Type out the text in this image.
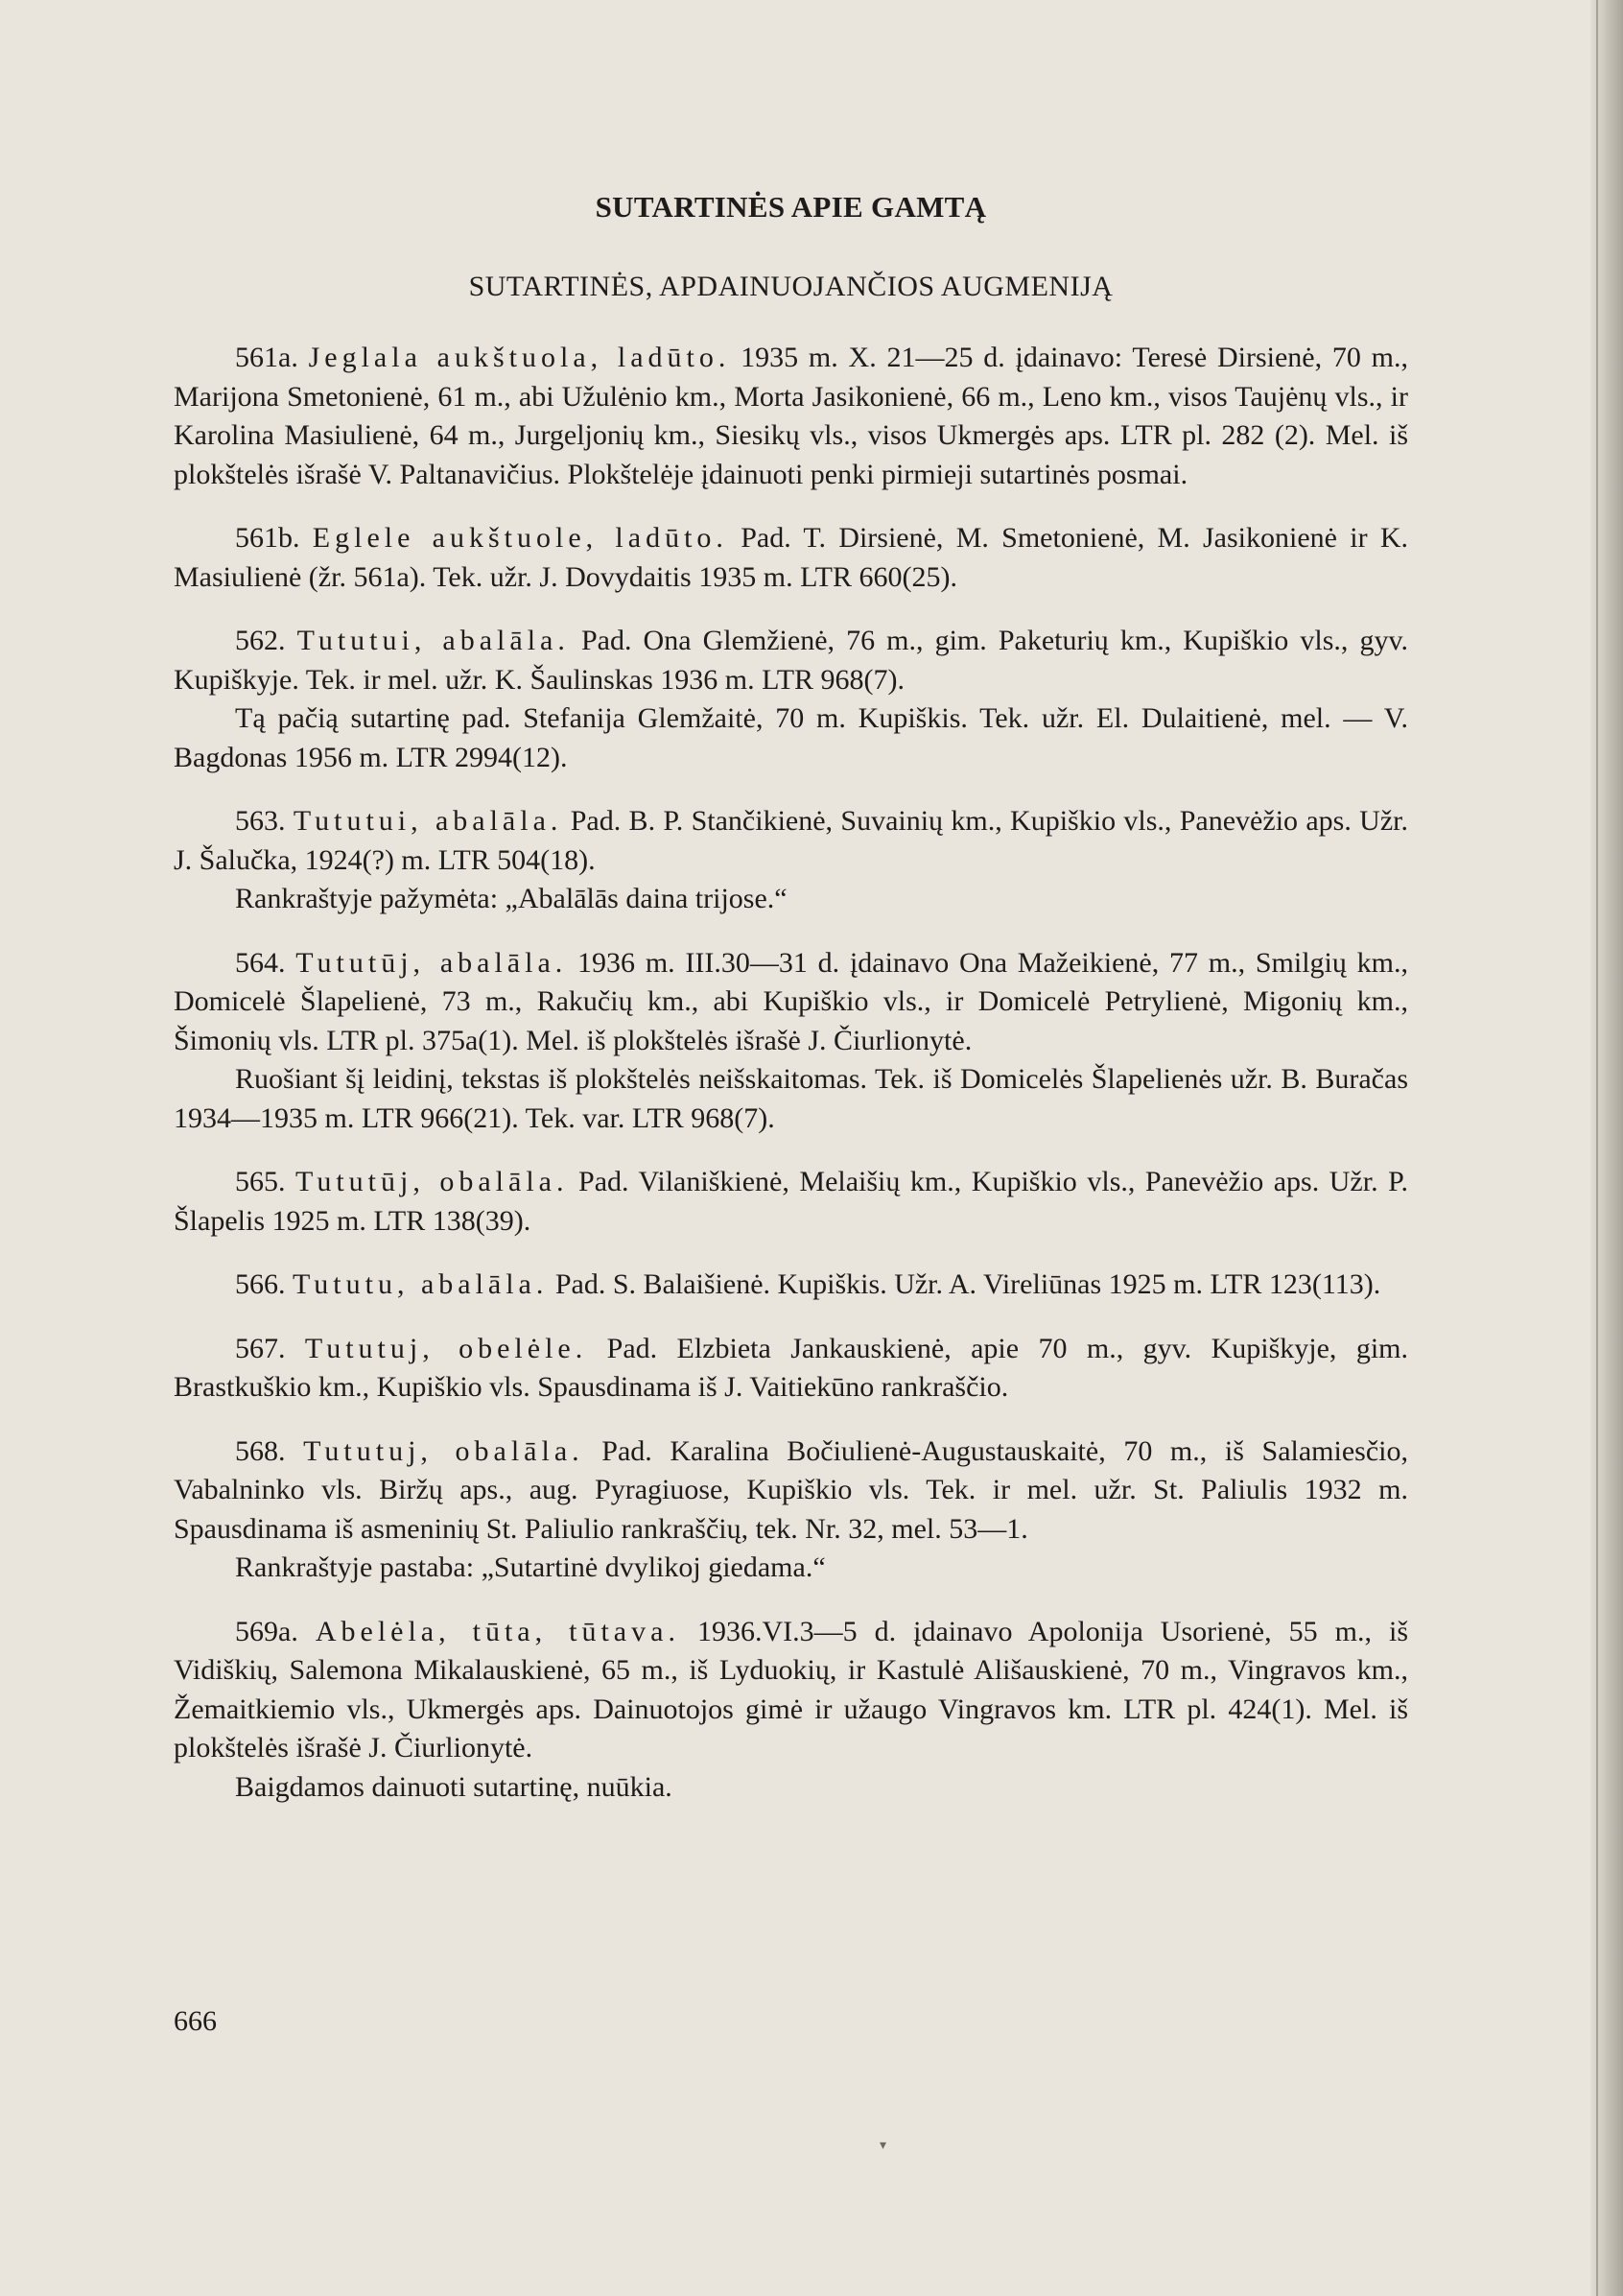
SUTARTINĖS APIE GAMTĄ
SUTARTINĖS, APDAINUOJANČIOS AUGMENIJĄ

561a. Jeglala aukštuola, ladūto. 1935 m. X. 21—25 d. įdainavo: Teresė Dirsienė, 70 m., Marijona Smetonienė, 61 m., abi Užulėnio km., Morta Jasikonienė, 66 m., Leno km., visos Taujėnų vls., ir Karolina Masiulienė, 64 m., Jurgeljonių km., Siesikų vls., visos Ukmergės aps. LTR pl. 282 (2). Mel. iš plokštelės išrašė V. Paltanavičius. Plokštelėje įdainuoti penki pirmieji sutartinės posmai.

561b. Eglele aukštuole, ladūto. Pad. T. Dirsienė, M. Smetonienė, M. Jasikonienė ir K. Masiulienė (žr. 561a). Tek. užr. J. Dovydaitis 1935 m. LTR 660(25).

562. Tututui, abalāla. Pad. Ona Glemžienė, 76 m., gim. Paketurių km., Kupiškio vls., gyv. Kupiškyje. Tek. ir mel. užr. K. Šaulinskas 1936 m. LTR 968(7).

Tą pačią sutartinę pad. Stefanija Glemžaitė, 70 m. Kupiškis. Tek. užr. El. Dulaitienė, mel. — V. Bagdonas 1956 m. LTR 2994(12).

563. Tututui, abalāla. Pad. B. P. Stančikienė, Suvainių km., Kupiškio vls., Panevėžio aps. Užr. J. Šalučka, 1924(?) m. LTR 504(18).

Rankraštyje pažymėta: „Abalālās daina trijose.“

564. Tututūj, abalāla. 1936 m. III.30—31 d. įdainavo Ona Mažeikienė, 77 m., Smilgių km., Domicelė Šlapelienė, 73 m., Rakučių km., abi Kupiškio vls., ir Domicelė Petrylienė, Migonių km., Šimonių vls. LTR pl. 375a(1). Mel. iš plokštelės išrašė J. Čiurlionytė.

Ruošiant šį leidinį, tekstas iš plokštelės neišskaitomas. Tek. iš Domicelės Šlapelienės užr. B. Buračas 1934—1935 m. LTR 966(21). Tek. var. LTR 968(7).

565. Tututūj, obalāla. Pad. Vilaniškienė, Melaišių km., Kupiškio vls., Panevėžio aps. Užr. P. Šlapelis 1925 m. LTR 138(39).

566. Tututu, abalāla. Pad. S. Balaišienė. Kupiškis. Užr. A. Vireliūnas 1925 m. LTR 123(113).

567. Tututuj, obelėle. Pad. Elzbieta Jankauskienė, apie 70 m., gyv. Kupiškyje, gim. Brastkuškio km., Kupiškio vls. Spausdinama iš J. Vaitiekūno rankraščio.

568. Tututuj, obalāla. Pad. Karalina Bočiulienė-Augustauskaitė, 70 m., iš Salamiesčio, Vabalninko vls. Biržų aps., aug. Pyragiuose, Kupiškio vls. Tek. ir mel. užr. St. Paliulis 1932 m. Spausdinama iš asmeninių St. Paliulio rankraščių, tek. Nr. 32, mel. 53—1.

Rankraštyje pastaba: „Sutartinė dvylikoj giedama.“

569a. Abelėla, tūta, tūtava. 1936.VI.3—5 d. įdainavo Apolonija Usorienė, 55 m., iš Vidiškių, Salemona Mikalauskienė, 65 m., iš Lyduokių, ir Kastulė Ališauskienė, 70 m., Vingravos km., Žemaitkiemio vls., Ukmergės aps. Dainuotojos gimė ir užaugo Vingravos km. LTR pl. 424(1). Mel. iš plokštelės išrašė J. Čiurlionytė.

Baigdamos dainuoti sutartinę, nuūkia.

666
▾
